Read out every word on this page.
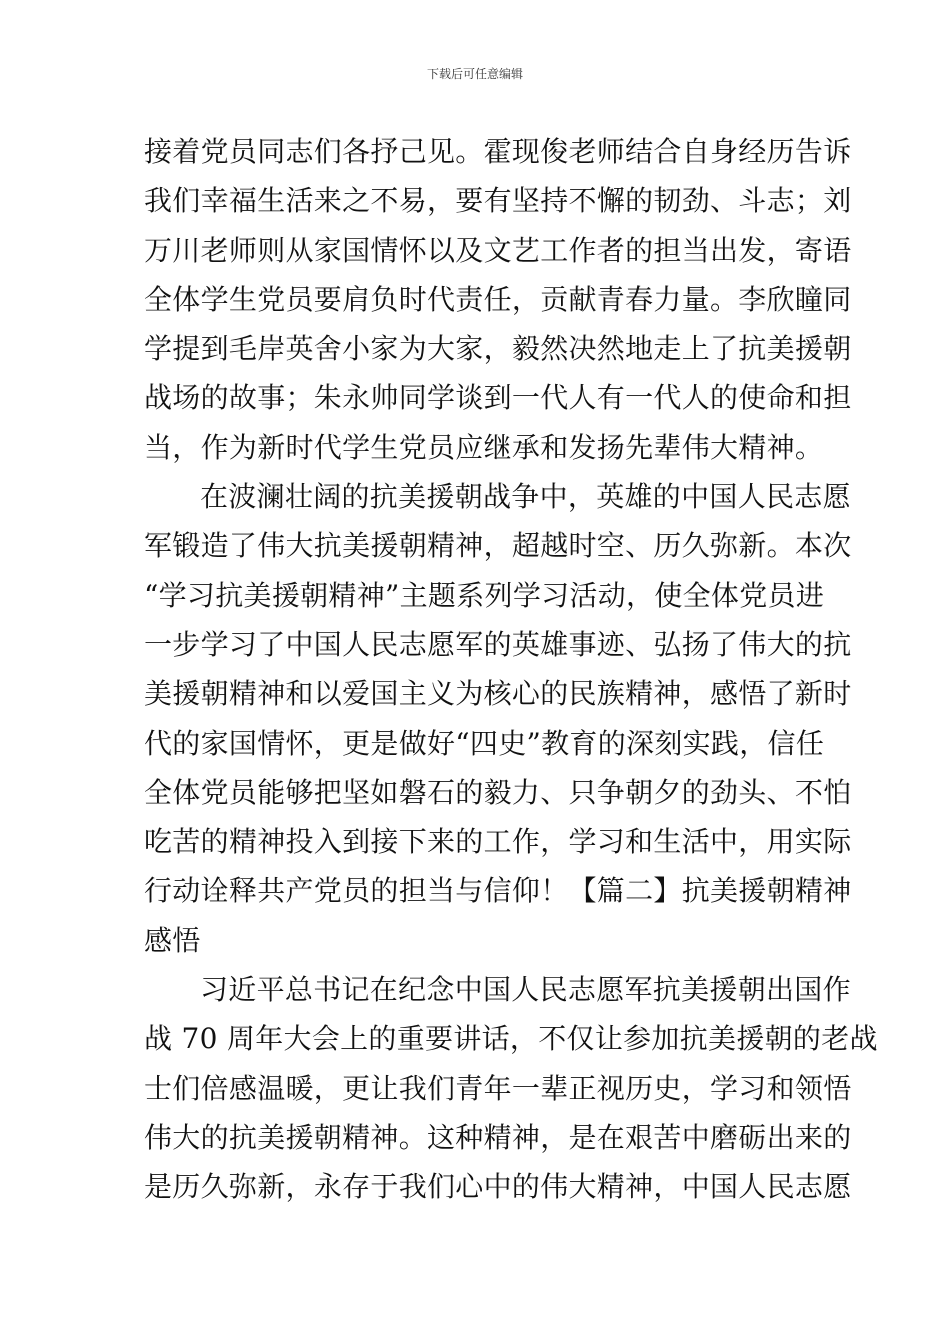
下载后可任意编辑
接着党员同志们各抒己见。霍现俊老师结合自身经历告诉
我们幸福生活来之不易，要有坚持不懈的韧劲、斗志；刘
万川老师则从家国情怀以及文艺工作者的担当出发，寄语
全体学生党员要肩负时代责任，贡献青春力量。李欣瞳同
学提到毛岸英舍小家为大家，毅然决然地走上了抗美援朝
战场的故事；朱永帅同学谈到一代人有一代人的使命和担
当，作为新时代学生党员应继承和发扬先辈伟大精神。
在波澜壮阔的抗美援朝战争中，英雄的中国人民志愿
军锻造了伟大抗美援朝精神，超越时空、历久弥新。本次
“学习抗美援朝精神”主题系列学习活动，使全体党员进
一步学习了中国人民志愿军的英雄事迹、弘扬了伟大的抗
美援朝精神和以爱国主义为核心的民族精神，感悟了新时
代的家国情怀，更是做好“四史”教育的深刻实践，信任
全体党员能够把坚如磐石的毅力、只争朝夕的劲头、不怕
吃苦的精神投入到接下来的工作，学习和生活中，用实际
行动诠释共产党员的担当与信仰！【篇二】抗美援朝精神
感悟
习近平总书记在纪念中国人民志愿军抗美援朝出国作
战 70 周年大会上的重要讲话，不仅让参加抗美援朝的老战
士们倍感温暖，更让我们青年一辈正视历史，学习和领悟
伟大的抗美援朝精神。这种精神，是在艰苦中磨砺出来的
是历久弥新，永存于我们心中的伟大精神，中国人民志愿
